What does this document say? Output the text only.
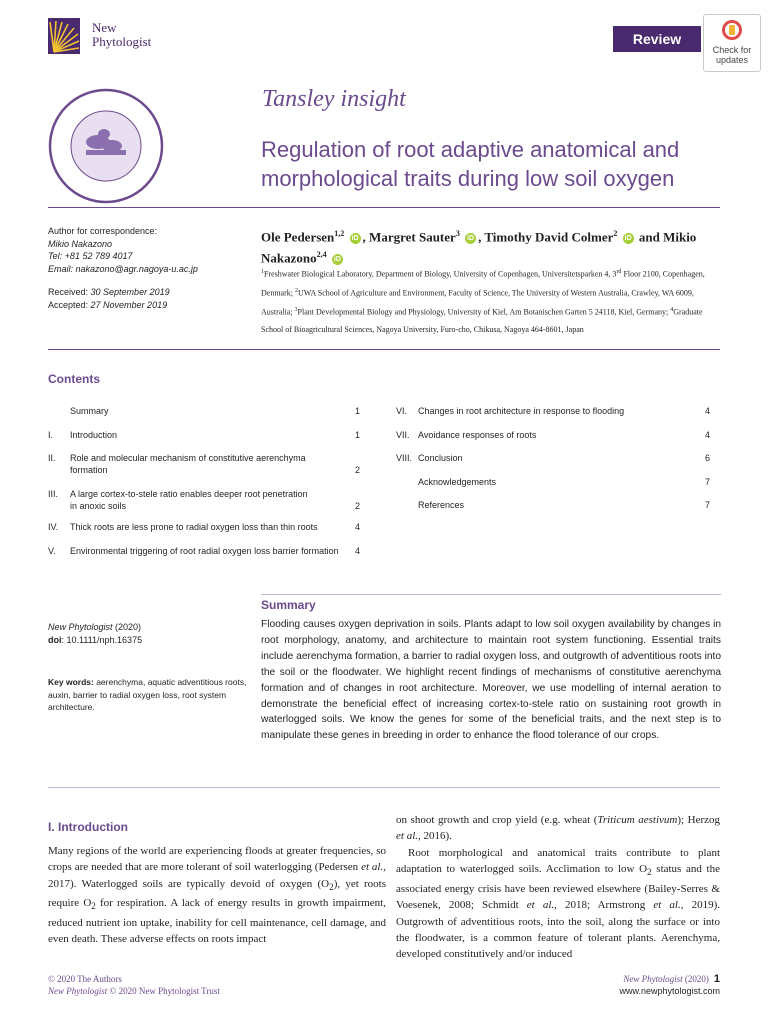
New
Phytologist	Review
Check for
updates
Tansley insight
Regulation of root adaptive anatomical and morphological traits during low soil oxygen
Author for correspondence:
Mikio Nakazono
Tel: +81 52 789 4017
Email: nakazono@agr.nagoya-u.ac.jp
Received: 30 September 2019
Accepted: 27 November 2019
Ole Pedersen$^{1,2}$ iD , Margret Sauter$^3$ iD , Timothy David Colmer$^2$ iD and Mikio Nakazono$^{2,4}$ iD
$^1$Freshwater Biological Laboratory, Department of Biology, University of Copenhagen, Universitetsparken 4, 3rd Floor 2100, Copenhagen, Denmark; $^2$UWA School of Agriculture and Environment, Faculty of Science, The University of Western Australia, Crawley, WA 6009, Australia; $^3$Plant Developmental Biology and Physiology, University of Kiel, Am Botanischen Garten 5 24118, Kiel, Germany; $^4$Graduate School of Bioagricultural Sciences, Nagoya University, Furo-cho, Chikusa, Nagoya 464-8601, Japan
Contents
Summary	1
I. Introduction	1
II. Role and molecular mechanism of constitutive aerenchyma
formation	2
III. A large cortex-to-stele ratio enables deeper root penetration
in anoxic soils	2
IV. Thick roots are less prone to radial oxygen loss than thin roots	4
V. Environmental triggering of root radial oxygen loss barrier formation	4
VI. Changes in root architecture in response to flooding	4
VII. Avoidance responses of roots	4
VIII. Conclusion	6
Acknowledgements	7
References	7
Summary
Flooding causes oxygen deprivation in soils. Plants adapt to low soil oxygen availability by changes in root morphology, anatomy, and architecture to maintain root system functioning. Essential traits include aerenchyma formation, a barrier to radial oxygen loss, and outgrowth of adventitious roots into the soil or the floodwater. We highlight recent findings of mechanisms of constitutive aerenchyma formation and of changes in root architecture. Moreover, we use modelling of internal aeration to demonstrate the beneficial effect of increasing cortex-to-stele ratio on sustaining root growth in waterlogged soils. We know the genes for some of the beneficial traits, and the next step is to manipulate these genes in breeding in order to enhance the flood tolerance of our crops.
New Phytologist (2020)
doi: 10.1111/nph.16375
Key words: aerenchyma, aquatic adventitious roots, auxin, barrier to radial oxygen loss, root system architecture.
I. Introduction

Many regions of the world are experiencing floods at greater frequencies, so crops are needed that are more tolerant of soil waterlogging (Pedersen et al., 2017). Waterlogged soils are typically devoid of oxygen $(O_2)$, yet roots require $O_2$ for respiration. A lack of energy results in growth impairment, reduced nutrient ion uptake, inability for cell maintenance, cell damage, and even death. These adverse effects on roots impact

on shoot growth and crop yield (e.g. wheat (Triticum aestivum); Herzog et al., 2016).

Root morphological and anatomical traits contribute to plant adaptation to waterlogged soils. Acclimation to low $O_2$ status and the associated energy crisis have been reviewed elsewhere (Bailey-Serres & Voesenek, 2008; Schmidt et al., 2018; Armstrong et al., 2019). Outgrowth of adventitious roots, into the soil, along the surface or into the floodwater, is a common feature of tolerant plants. Aerenchyma, developed constitutively and/or induced

© 2020 The Authors
New Phytologist © 2020 New Phytologist Trust
New Phytologist (2020) 1
www.newphytologist.com
